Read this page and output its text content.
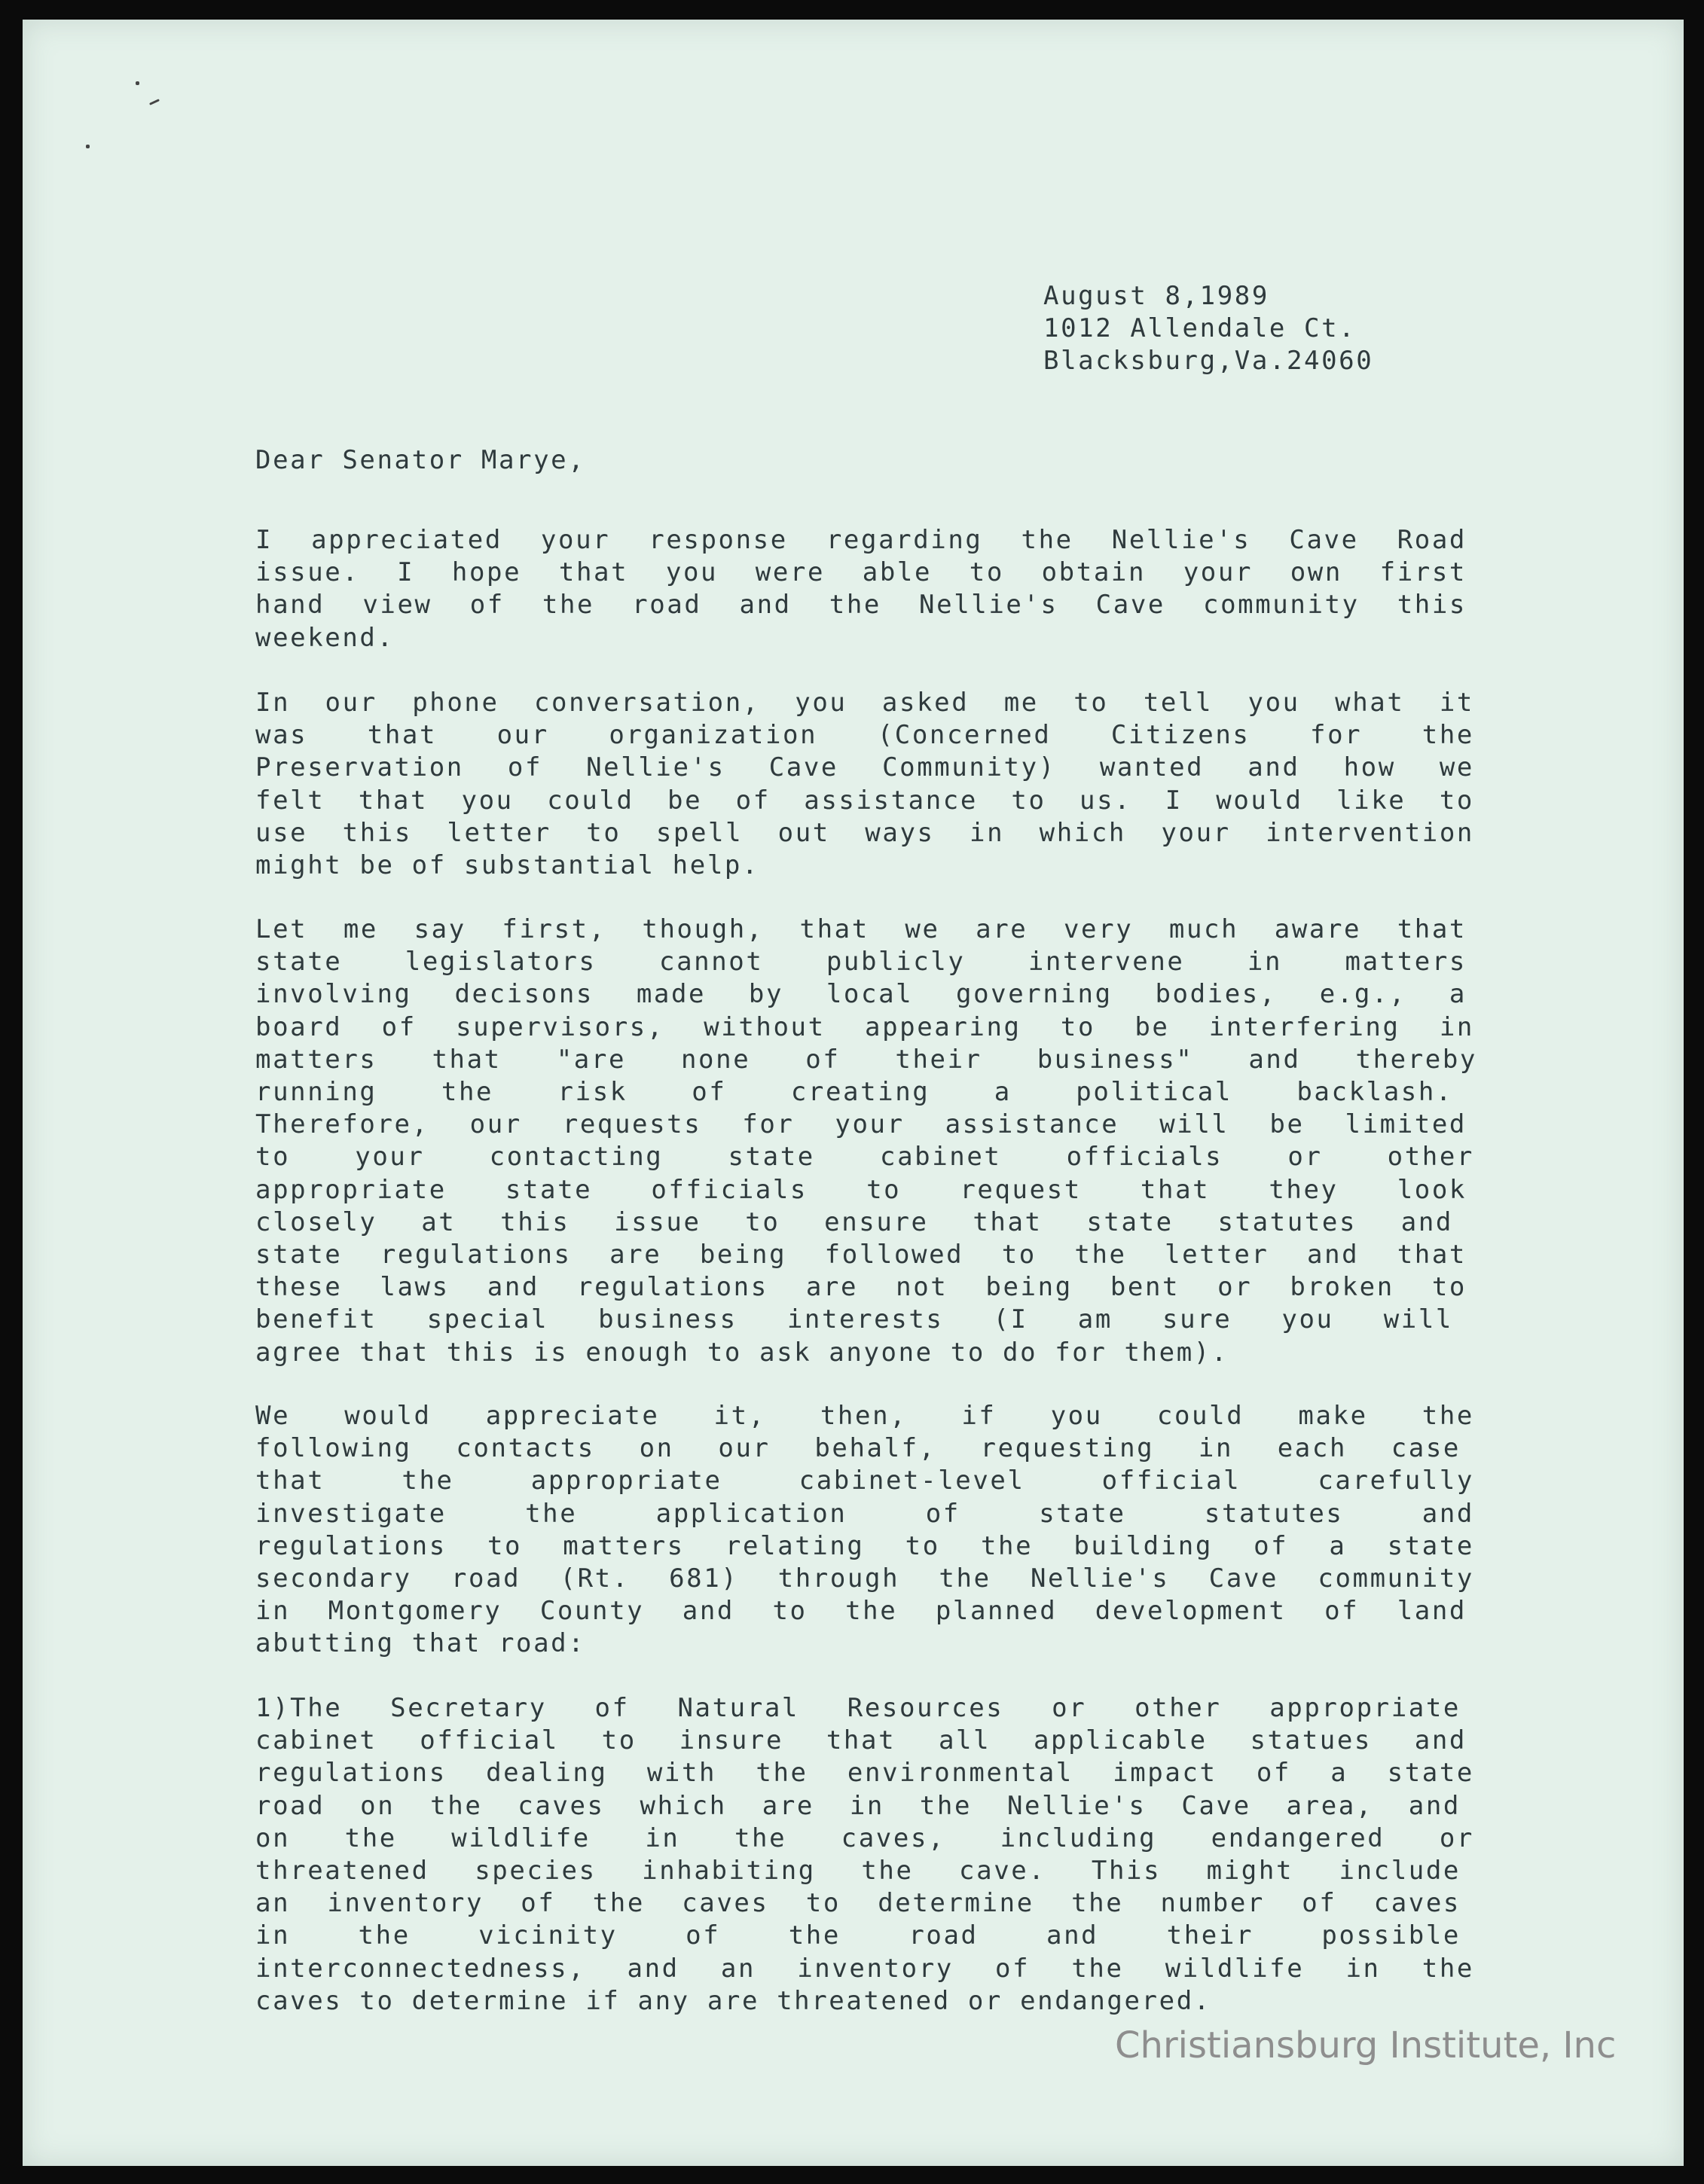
August 8,1989
1012 Allendale Ct.
Blacksburg,Va.24060
Dear Senator Marye,
I appreciated your response regarding the Nellie's Cave Road
issue. I hope that you were able to obtain your own first
hand view of the road and the Nellie's Cave community this
weekend.
In our phone conversation, you asked me to tell you what it
was that our organization (Concerned Citizens for the
Preservation of Nellie's Cave Community) wanted and how we
felt that you could be of assistance to us. I would like to
use this letter to spell out ways in which your intervention
might be of substantial help.
Let me say first, though, that we are very much aware that
state legislators cannot publicly intervene in matters
involving decisons made by local governing bodies, e.g., a
board of supervisors, without appearing to be interfering in
matters that "are none of their business" and thereby
running the risk of creating a political backlash.
Therefore, our requests for your assistance will be limited
to your contacting state cabinet officials or other
appropriate state officials to request that they look
closely at this issue to ensure that state statutes and
state regulations are being followed to the letter and that
these laws and regulations are not being bent or broken to
benefit special business interests (I am sure you will
agree that this is enough to ask anyone to do for them).
We would appreciate it, then, if you could make the
following contacts on our behalf, requesting in each case
that the appropriate cabinet-level official carefully
investigate the application of state statutes and
regulations to matters relating to the building of a state
secondary road (Rt. 681) through the Nellie's Cave community
in Montgomery County and to the planned development of land
abutting that road:
1)The Secretary of Natural Resources or other appropriate
cabinet official to insure that all applicable statues and
regulations dealing with the environmental impact of a state
road on the caves which are in the Nellie's Cave area, and
on the wildlife in the caves, including endangered or
threatened species inhabiting the cave. This might include
an inventory of the caves to determine the number of caves
in the vicinity of the road and their possible
interconnectedness, and an inventory of the wildlife in the
caves to determine if any are threatened or endangered.
Christiansburg Institute, Inc
